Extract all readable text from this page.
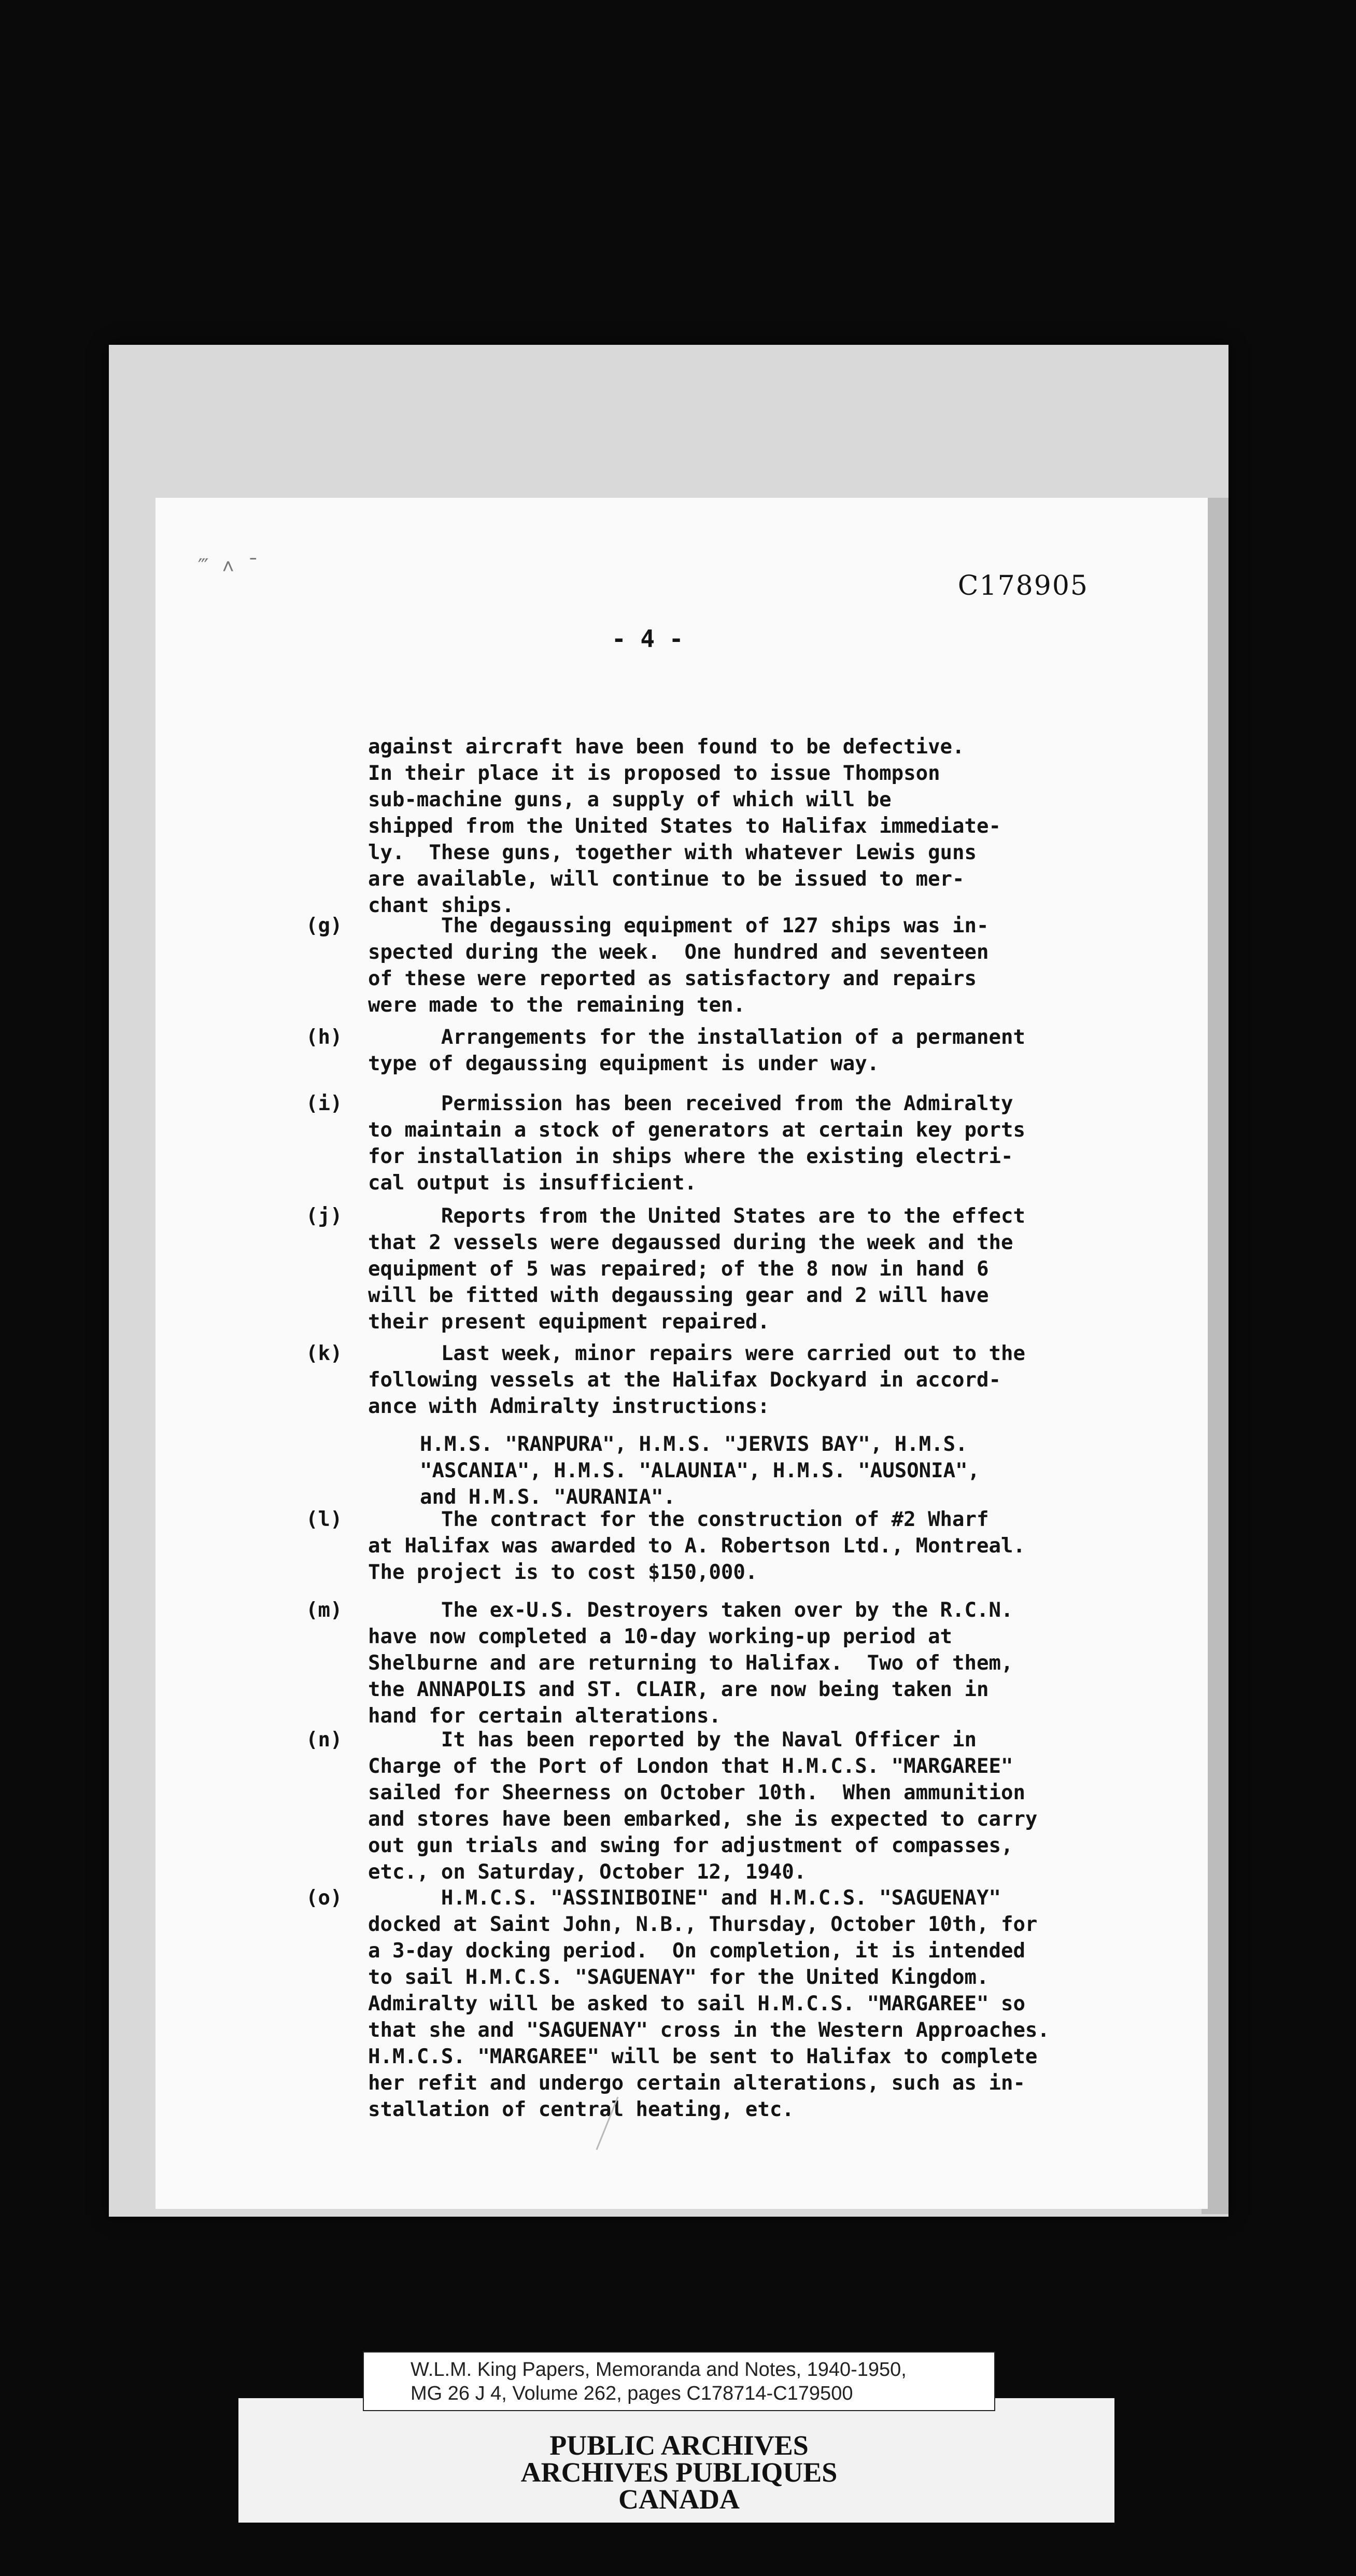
‴ ˄ ¯
C178905
- 4 -

against aircraft have been found to be defective.
In their place it is proposed to issue Thompson
sub-machine guns, a supply of which will be
shipped from the United States to Halifax immediate-
ly.  These guns, together with whatever Lewis guns
are available, will continue to be issued to mer-
chant ships.

(g)	The degaussing equipment of 127 ships was in-
spected during the week.  One hundred and seventeen
of these were reported as satisfactory and repairs
were made to the remaining ten.

(h)	Arrangements for the installation of a permanent
type of degaussing equipment is under way.

(i)	Permission has been received from the Admiralty
to maintain a stock of generators at certain key ports
for installation in ships where the existing electri-
cal output is insufficient.

(j)	Reports from the United States are to the effect
that 2 vessels were degaussed during the week and the
equipment of 5 was repaired; of the 8 now in hand 6
will be fitted with degaussing gear and 2 will have
their present equipment repaired.

(k)	Last week, minor repairs were carried out to the
following vessels at the Halifax Dockyard in accord-
ance with Admiralty instructions:

H.M.S. "RANPURA", H.M.S. "JERVIS BAY", H.M.S.
"ASCANIA", H.M.S. "ALAUNIA", H.M.S. "AUSONIA",
and H.M.S. "AURANIA".

(l)	The contract for the construction of #2 Wharf
at Halifax was awarded to A. Robertson Ltd., Montreal.
The project is to cost $150,000.

(m)	The ex-U.S. Destroyers taken over by the R.C.N.
have now completed a 10-day working-up period at
Shelburne and are returning to Halifax.  Two of them,
the ANNAPOLIS and ST. CLAIR, are now being taken in
hand for certain alterations.

(n)	It has been reported by the Naval Officer in
Charge of the Port of London that H.M.C.S. "MARGAREE"
sailed for Sheerness on October 10th.  When ammunition
and stores have been embarked, she is expected to carry
out gun trials and swing for adjustment of compasses,
etc., on Saturday, October 12, 1940.

(o)	H.M.C.S. "ASSINIBOINE" and H.M.C.S. "SAGUENAY"
docked at Saint John, N.B., Thursday, October 10th, for
a 3-day docking period.  On completion, it is intended
to sail H.M.C.S. "SAGUENAY" for the United Kingdom.
Admiralty will be asked to sail H.M.C.S. "MARGAREE" so
that she and "SAGUENAY" cross in the Western Approaches.
H.M.C.S. "MARGAREE" will be sent to Halifax to complete
her refit and undergo certain alterations, such as in-
stallation of central heating, etc.

W.L.M. King Papers, Memoranda and Notes, 1940-1950,
MG 26 J 4, Volume 262, pages C178714-C179500
PUBLIC ARCHIVES
ARCHIVES PUBLIQUES
CANADA
